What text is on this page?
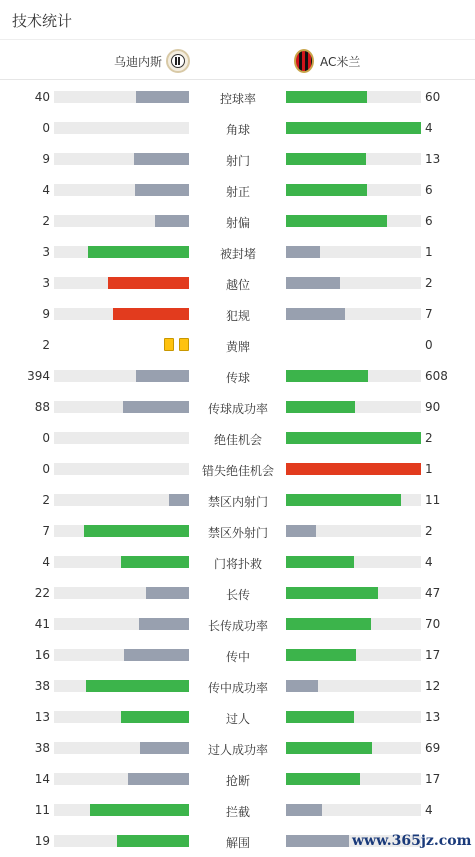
技术统计
乌迪内斯	AC米兰
40	控球率	60
0	角球	4
9	射门	13
4	射正	6
2	射偏	6
3	被封堵	1
3	越位	2
9	犯规	7
2	黄牌	0
394	传球	608
88	传球成功率	90
0	绝佳机会	2
0	错失绝佳机会	1
2	禁区内射门	11
7	禁区外射门	2
4	门将扑救	4
22	长传	47
41	长传成功率	70
16	传中	17
38	传中成功率	12
13	过人	13
38	过人成功率	69
14	抢断	17
11	拦截	4
19	解围	www.365jz.com
